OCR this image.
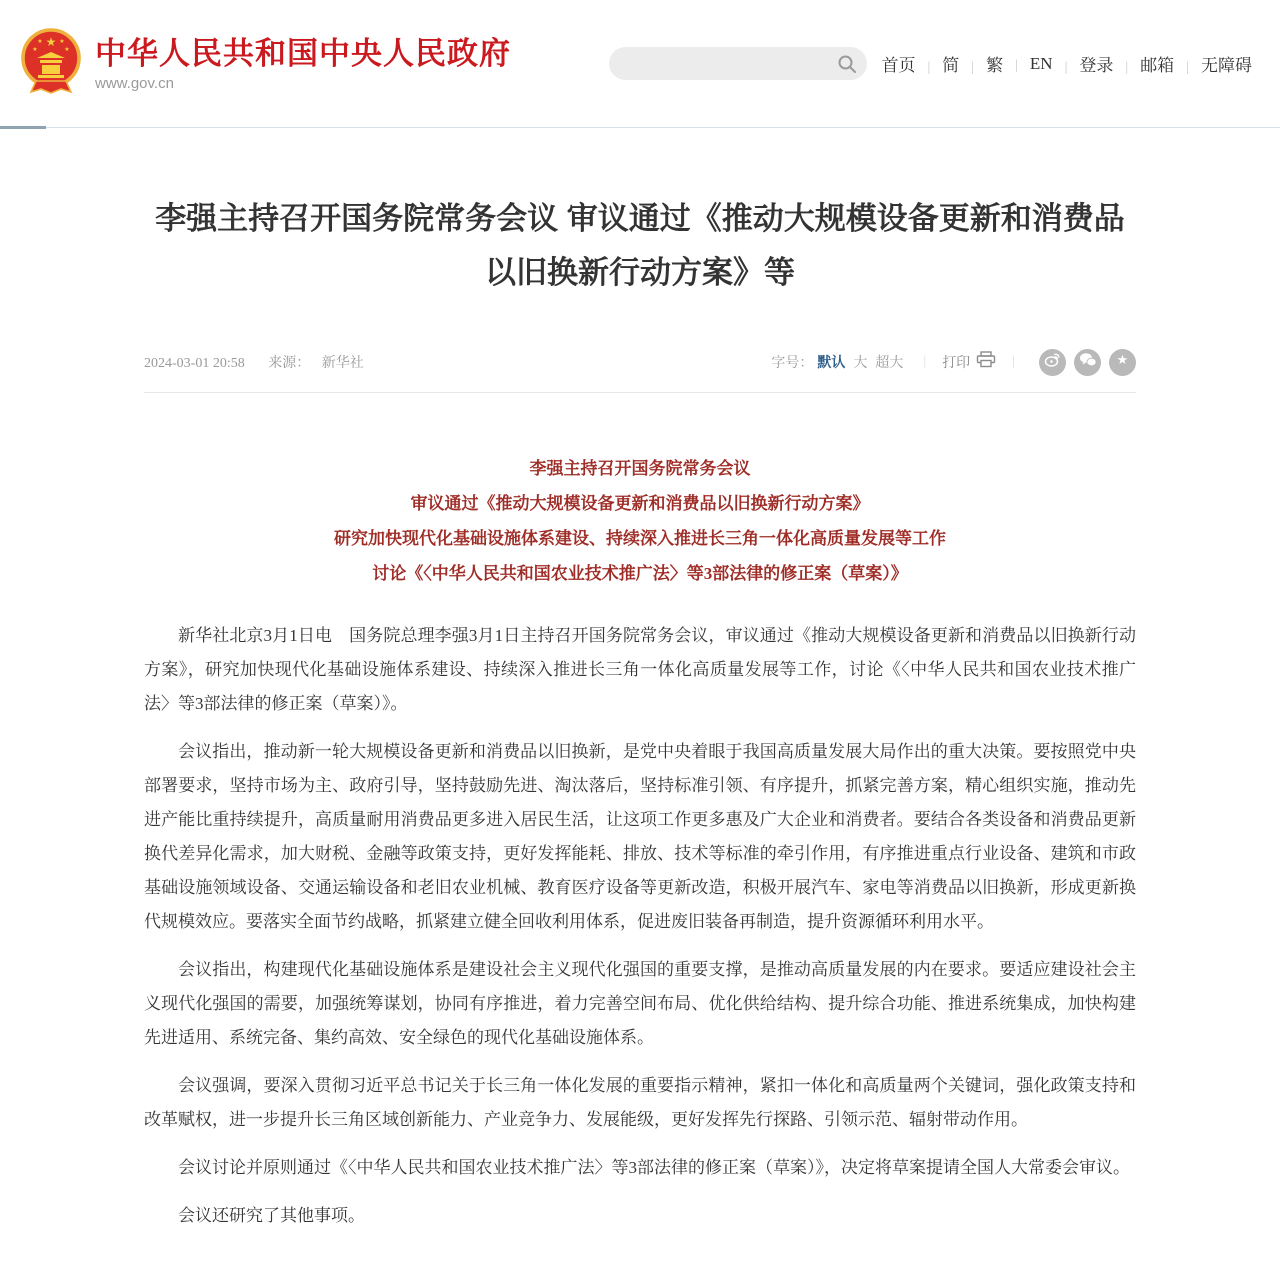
★
★	★
★	★ 中华人民共和国中央人民政府
www.gov.cn
首页	| 简	| 繁	| EN	| 登录	| 邮箱	| 无障碍
李强主持召开国务院常务会议 审议通过《推动大规模设备更新和消费品以旧换新行动方案》等
2024-03-01 20:58 来源： 新华社	字号： 默认 大 超大 |	打印 |	★

李强主持召开国务院常务会议

审议通过《推动大规模设备更新和消费品以旧换新行动方案》

研究加快现代化基础设施体系建设、持续深入推进长三角一体化高质量发展等工作

讨论《〈中华人民共和国农业技术推广法〉等3部法律的修正案（草案）》

新华社北京3月1日电　国务院总理李强3月1日主持召开国务院常务会议，审议通过《推动大规模设备更新和消费品以旧换新行动方案》，研究加快现代化基础设施体系建设、持续深入推进长三角一体化高质量发展等工作，讨论《〈中华人民共和国农业技术推广法〉等3部法律的修正案（草案）》。

会议指出，推动新一轮大规模设备更新和消费品以旧换新，是党中央着眼于我国高质量发展大局作出的重大决策。要按照党中央部署要求，坚持市场为主、政府引导，坚持鼓励先进、淘汰落后，坚持标准引领、有序提升，抓紧完善方案，精心组织实施，推动先进产能比重持续提升，高质量耐用消费品更多进入居民生活，让这项工作更多惠及广大企业和消费者。要结合各类设备和消费品更新换代差异化需求，加大财税、金融等政策支持，更好发挥能耗、排放、技术等标准的牵引作用，有序推进重点行业设备、建筑和市政基础设施领域设备、交通运输设备和老旧农业机械、教育医疗设备等更新改造，积极开展汽车、家电等消费品以旧换新，形成更新换代规模效应。要落实全面节约战略，抓紧建立健全回收利用体系，促进废旧装备再制造，提升资源循环利用水平。

会议指出，构建现代化基础设施体系是建设社会主义现代化强国的重要支撑，是推动高质量发展的内在要求。要适应建设社会主义现代化强国的需要，加强统筹谋划，协同有序推进，着力完善空间布局、优化供给结构、提升综合功能、推进系统集成，加快构建先进适用、系统完备、集约高效、安全绿色的现代化基础设施体系。

会议强调，要深入贯彻习近平总书记关于长三角一体化发展的重要指示精神，紧扣一体化和高质量两个关键词，强化政策支持和改革赋权，进一步提升长三角区域创新能力、产业竞争力、发展能级，更好发挥先行探路、引领示范、辐射带动作用。

会议讨论并原则通过《〈中华人民共和国农业技术推广法〉等3部法律的修正案（草案）》，决定将草案提请全国人大常委会审议。

会议还研究了其他事项。
